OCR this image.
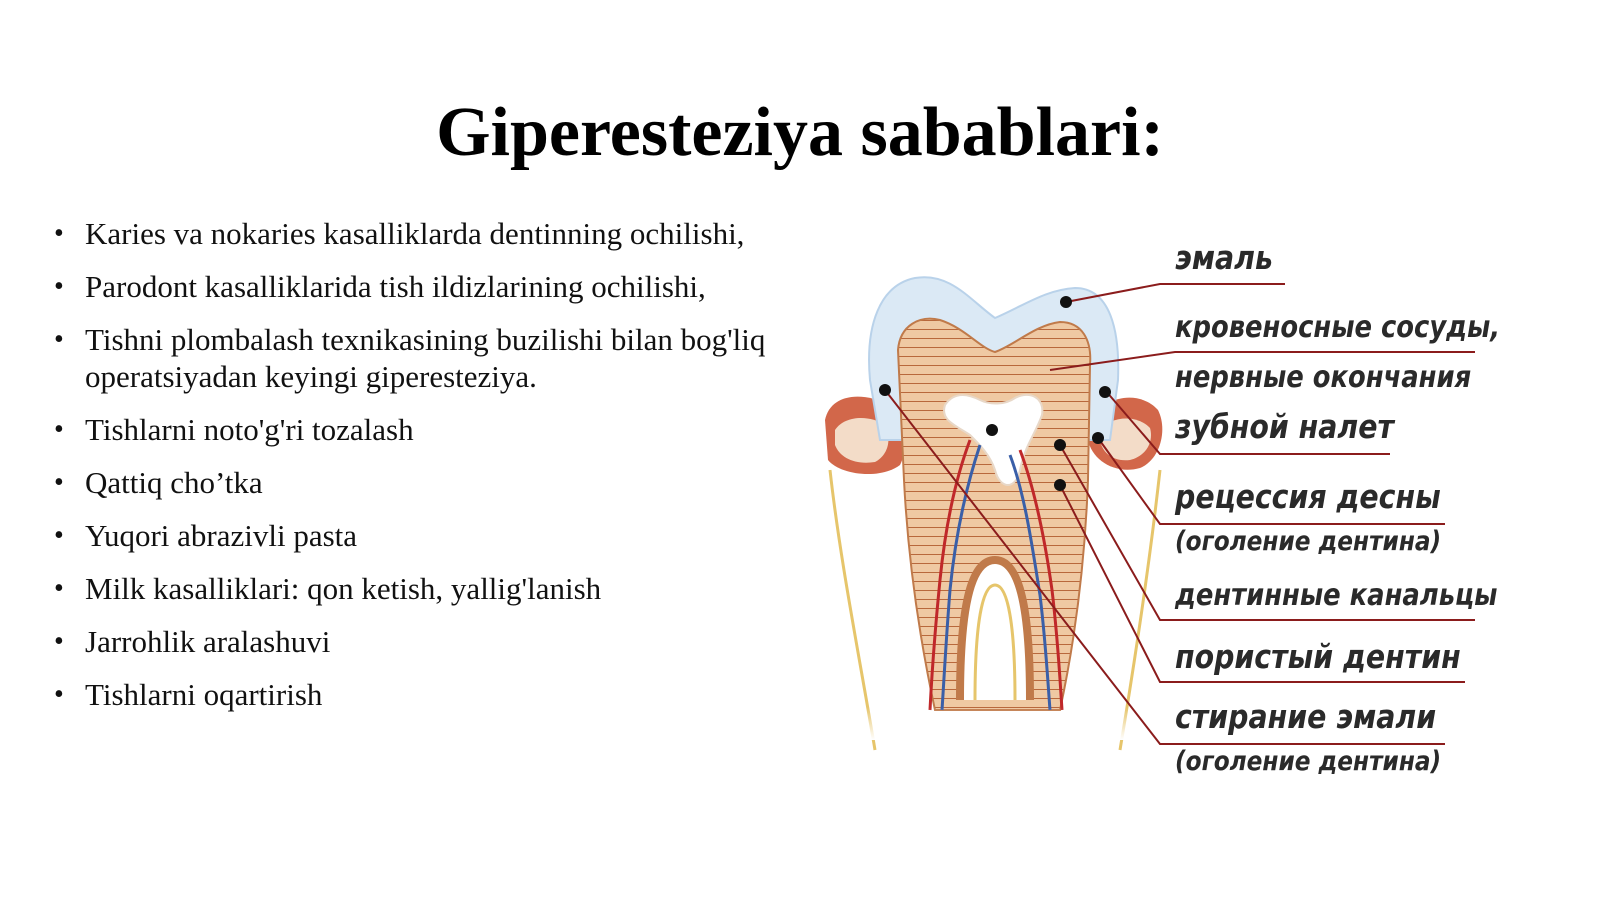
Giperesteziya sabablari:
• Karies va nokaries kasalliklarda dentinning ochilishi,
• Parodont kasalliklarida tish ildizlarining ochilishi,
• Tishni plombalash texnikasining buzilishi bilan bog'liq operatsiyadan keyingi giperesteziya.
• Tishlarni noto'g'ri tozalash
• Qattiq cho’tka
• Yuqori abrazivli pasta
• Milk kasalliklari: qon ketish, yallig'lanish
• Jarrohlik aralashuvi
• Tishlarni oqartirish
эмаль
кровеносные сосуды,
нервные окончания
зубной налет
рецессия десны
(оголение дентина)
дентинные канальцы
пористый дентин
стирание эмали
(оголение дентина)
